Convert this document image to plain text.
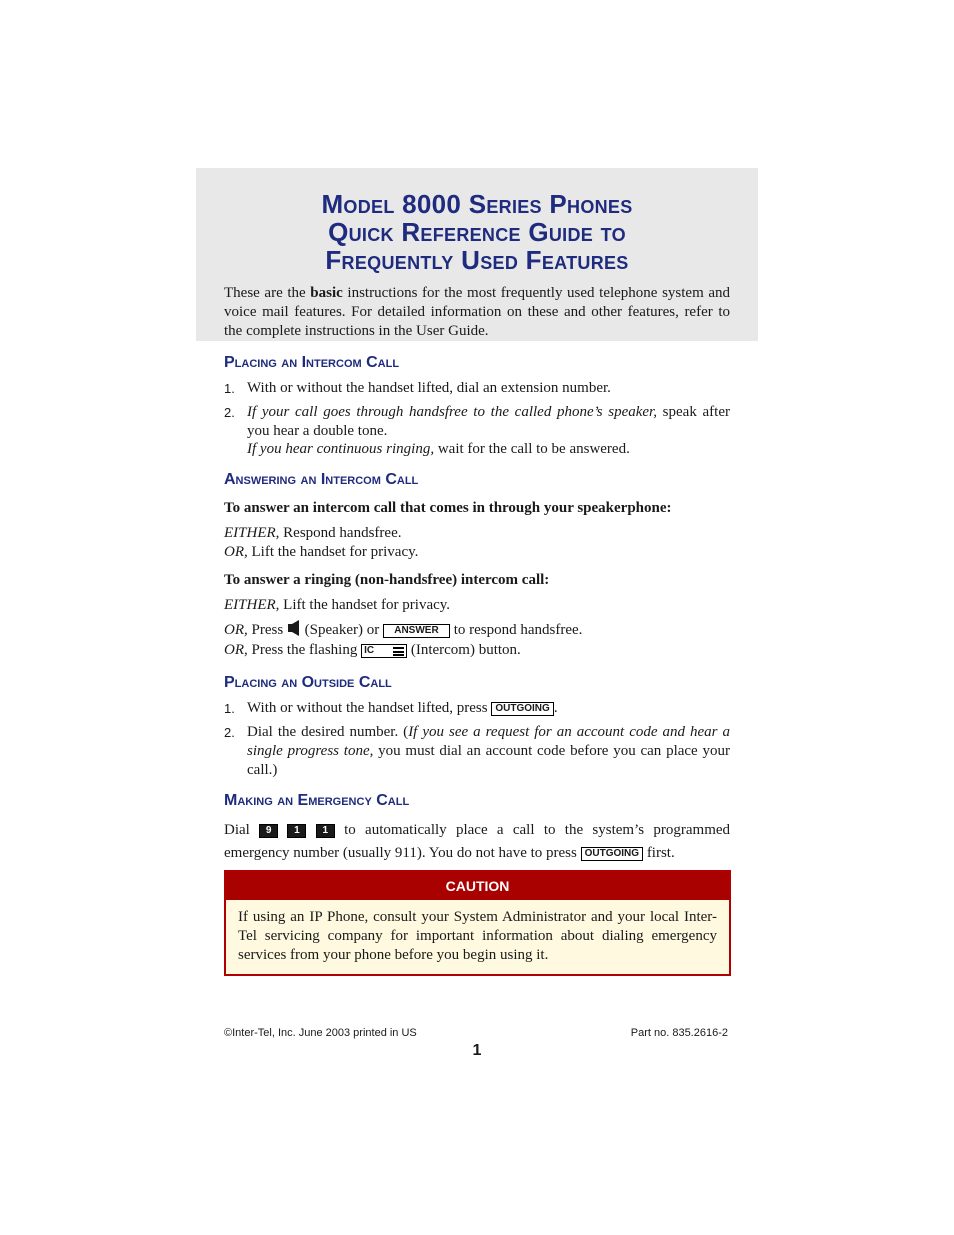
Model 8000 Series Phones
Quick Reference Guide to
Frequently Used Features

These are the basic instructions for the most frequently used telephone system and voice mail features. For detailed information on these and other features, refer to the complete instructions in the User Guide.

Placing an Intercom Call
1. With or without the handset lifted, dial an extension number.
2. If your call goes through handsfree to the called phone’s speaker, speak after you hear a double tone.
If you hear continuous ringing, wait for the call to be answered.
Answering an Intercom Call
To answer an intercom call that comes in through your speakerphone:
EITHER, Respond handsfree.
OR, Lift the handset for privacy.
To answer a ringing (non-handsfree) intercom call:
EITHER, Lift the handset for privacy.
OR, Press  (Speaker) or ANSWER to respond handsfree.
OR, Press the flashing IC
(Intercom) button.
Placing an Outside Call
1. With or without the handset lifted, press OUTGOING .
2. Dial the desired number. (If you see a request for an account code and hear a single progress tone, you must dial an account code before you can place your call.)
Making an Emergency Call
Dial 9 1 1 to automatically place a call to the system’s programmed emergency number (usually 911). You do not have to press OUTGOING first.
CAUTION
If using an IP Phone, consult your System Administrator and your local Inter-Tel servicing company for important information about dialing emergency services from your phone before you begin using it.
©Inter-Tel, Inc. June 2003 printed in US	Part no. 835.2616-2
1
